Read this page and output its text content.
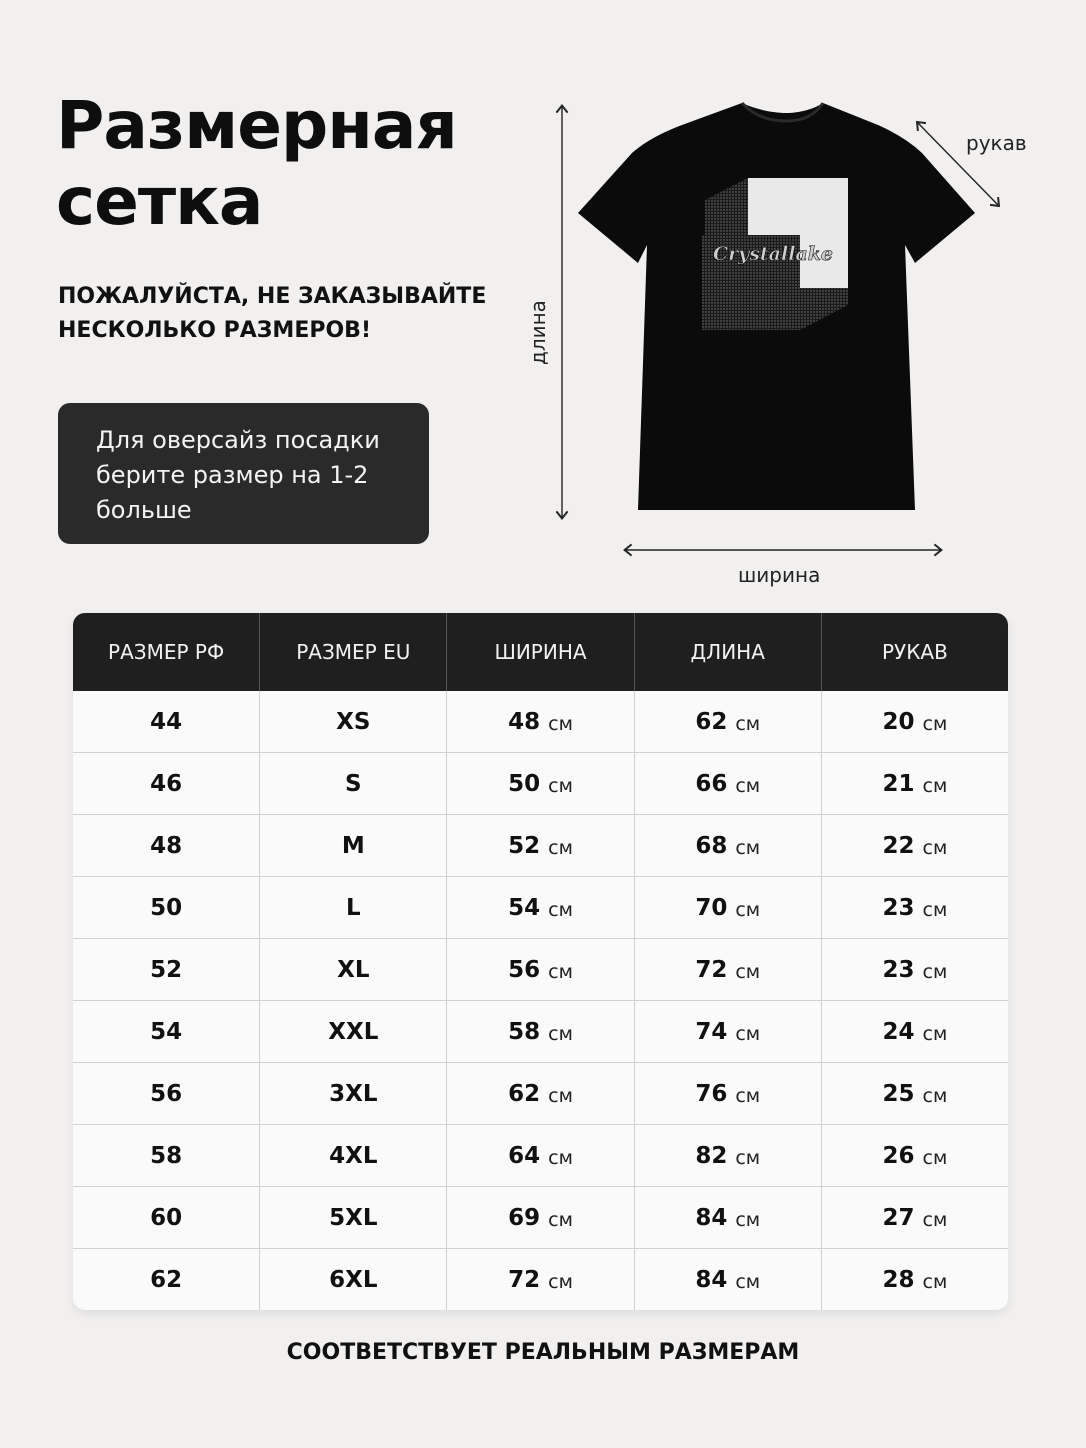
Размерная
сетка
ПОЖАЛУЙСТА, НЕ ЗАКАЗЫВАЙТЕ
НЕСКОЛЬКО РАЗМЕРОВ!
Для оверсайз посадки
берите размер на 1-2
больше
Crystallake
рукав
ширина
длина
РАЗМЕР РФ	РАЗМЕР EU	ШИРИНА	ДЛИНА	РУКАВ
44	XS	48 см	62 см	20 см
46	S	50 см	66 см	21 см
48	M	52 см	68 см	22 см
50	L	54 см	70 см	23 см
52	XL	56 см	72 см	23 см
54	XXL	58 см	74 см	24 см
56	3XL	62 см	76 см	25 см
58	4XL	64 см	82 см	26 см
60	5XL	69 см	84 см	27 см
62	6XL	72 см	84 см	28 см
СООТВЕТСТВУЕТ РЕАЛЬНЫМ РАЗМЕРАМ
